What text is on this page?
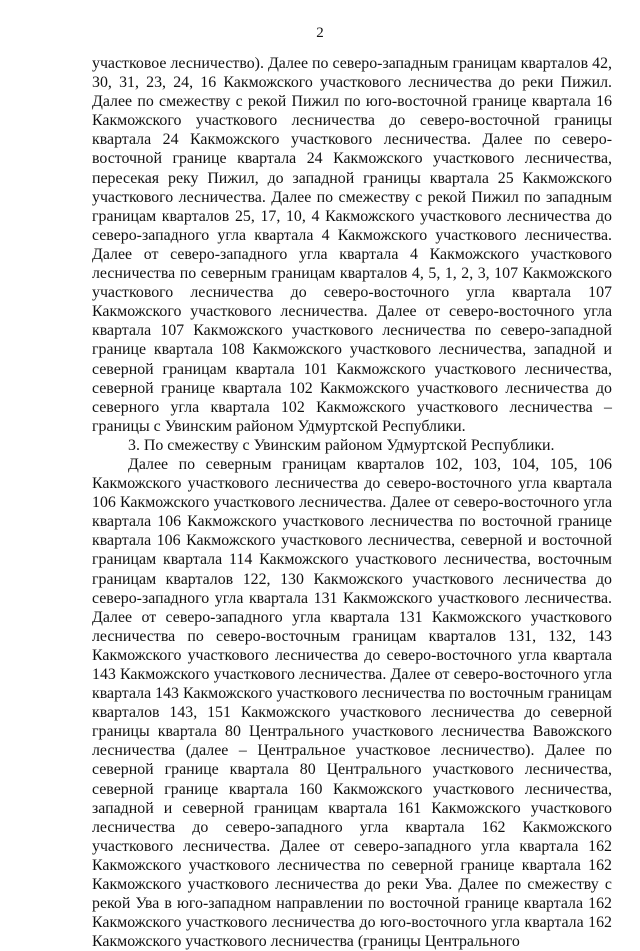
2

участковое лесничество). Далее по северо-западным границам кварталов 42, 30, 31, 23, 24, 16 Какможского участкового лесничества до реки Пижил. Далее по смежеству с рекой Пижил по юго-восточной границе квартала 16 Какможского участкового лесничества до северо-восточной границы квартала 24 Какможского участкового лесничества. Далее по северо-восточной границе квартала 24 Какможского участкового лесничества, пересекая реку Пижил, до западной границы квартала 25 Какможского участкового лесничества. Далее по смежеству с рекой Пижил по западным границам кварталов 25, 17, 10, 4 Какможского участкового лесничества до северо-западного угла квартала 4 Какможского участкового лесничества. Далее от северо-западного угла квартала 4 Какможского участкового лесничества по северным границам кварталов 4, 5, 1, 2, 3, 107 Какможского участкового лесничества до северо-восточного угла квартала 107 Какможского участкового лесничества. Далее от северо-восточного угла квартала 107 Какможского участкового лесничества по северо-западной границе квартала 108 Какможского участкового лесничества, западной и северной границам квартала 101 Какможского участкового лесничества, северной границе квартала 102 Какможского участкового лесничества до северного угла квартала 102 Какможского участкового лесничества – границы с Увинским районом Удмуртской Республики.

3. По смежеству с Увинским районом Удмуртской Республики.

Далее по северным границам кварталов 102, 103, 104, 105, 106 Какможского участкового лесничества до северо-восточного угла квартала 106 Какможского участкового лесничества. Далее от северо-восточного угла квартала 106 Какможского участкового лесничества по восточной границе квартала 106 Какможского участкового лесничества, северной и восточной границам квартала 114 Какможского участкового лесничества, восточным границам кварталов 122, 130 Какможского участкового лесничества до северо-западного угла квартала 131 Какможского участкового лесничества. Далее от северо-западного угла квартала 131 Какможского участкового лесничества по северо-восточным границам кварталов 131, 132, 143 Какможского участкового лесничества до северо-восточного угла квартала 143 Какможского участкового лесничества. Далее от северо-восточного угла квартала 143 Какможского участкового лесничества по восточным границам кварталов 143, 151 Какможского участкового лесничества до северной границы квартала 80 Центрального участкового лесничества Вавожского лесничества (далее – Центральное участковое лесничество). Далее по северной границе квартала 80 Центрального участкового лесничества, северной границе квартала 160 Какможского участкового лесничества, западной и северной границам квартала 161 Какможского участкового лесничества до северо-западного угла квартала 162 Какможского участкового лесничества. Далее от северо-западного угла квартала 162 Какможского участкового лесничества по северной границе квартала 162 Какможского участкового лесничества до реки Ува. Далее по смежеству с рекой Ува в юго-западном направлении по восточной границе квартала 162 Какможского участкового лесничества до юго-восточного угла квартала 162 Какможского участкового лесничества (границы Центрального
